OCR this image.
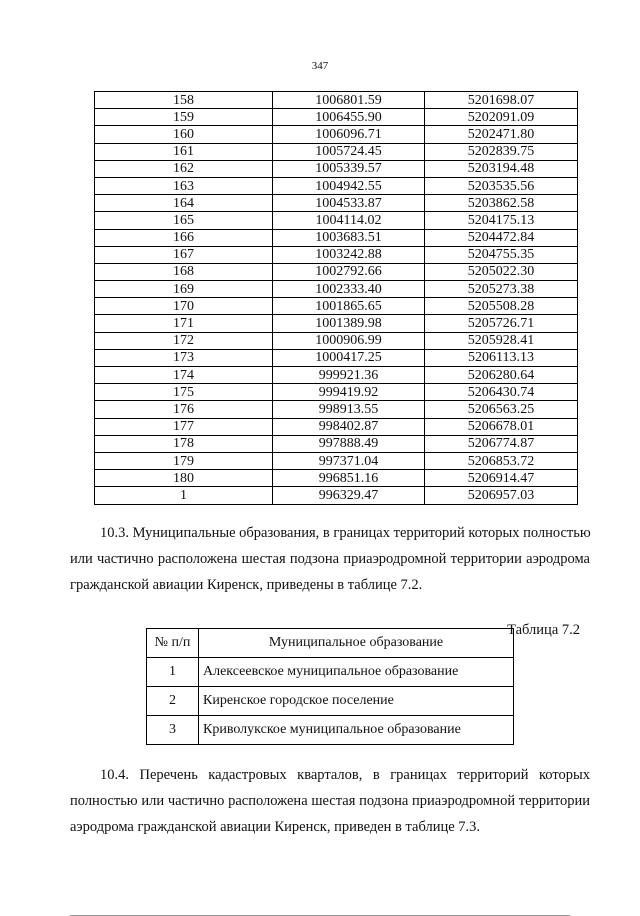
347
158	1006801.59	5201698.07
159	1006455.90	5202091.09
160	1006096.71	5202471.80
161	1005724.45	5202839.75
162	1005339.57	5203194.48
163	1004942.55	5203535.56
164	1004533.87	5203862.58
165	1004114.02	5204175.13
166	1003683.51	5204472.84
167	1003242.88	5204755.35
168	1002792.66	5205022.30
169	1002333.40	5205273.38
170	1001865.65	5205508.28
171	1001389.98	5205726.71
172	1000906.99	5205928.41
173	1000417.25	5206113.13
174	999921.36	5206280.64
175	999419.92	5206430.74
176	998913.55	5206563.25
177	998402.87	5206678.01
178	997888.49	5206774.87
179	997371.04	5206853.72
180	996851.16	5206914.47
1	996329.47	5206957.03
10.3. Муниципальные образования, в границах территорий которых полностью
или частично расположена шестая подзона приаэродромной территории аэродрома
гражданской авиации Киренск, приведены в таблице 7.2.
Таблица 7.2
№ п/п	Муниципальное образование
1	Алексеевское муниципальное образование
2	Киренское городское поселение
3	Криволукское муниципальное образование
10.4. Перечень кадастровых кварталов, в границах территорий которых
полностью или частично расположена шестая подзона приаэродромной территории
аэродрома гражданской авиации Киренск, приведен в таблице 7.3.
